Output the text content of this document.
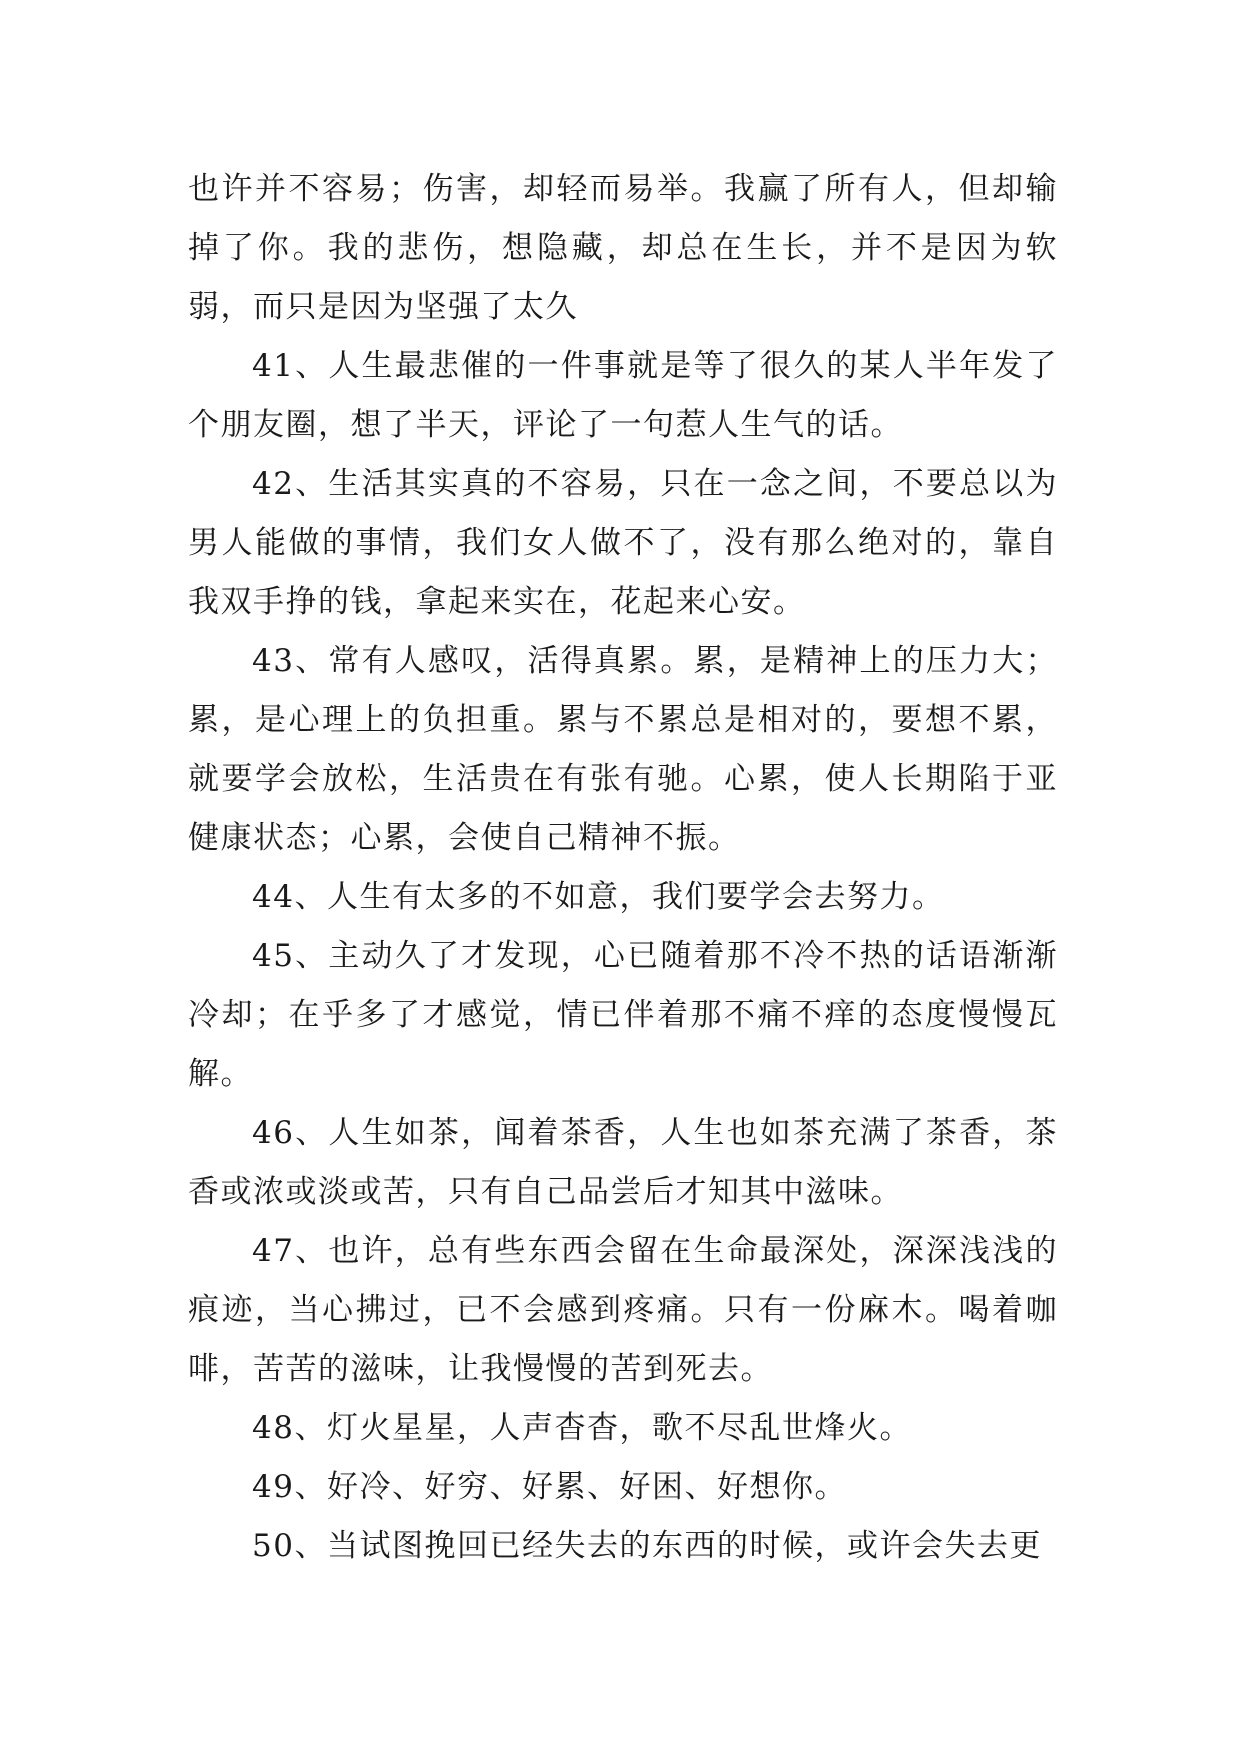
也许并不容易；伤害，却轻而易举。我赢了所有人，但却输掉了你。我的悲伤，想隐藏，却总在生长，并不是因为软弱，而只是因为坚强了太久

41、人生最悲催的一件事就是等了很久的某人半年发了个朋友圈，想了半天，评论了一句惹人生气的话。

42、生活其实真的不容易，只在一念之间，不要总以为男人能做的事情，我们女人做不了，没有那么绝对的，靠自我双手挣的钱，拿起来实在，花起来心安。

43、常有人感叹，活得真累。累，是精神上的压力大；累，是心理上的负担重。累与不累总是相对的，要想不累，就要学会放松，生活贵在有张有驰。心累，使人长期陷于亚健康状态；心累，会使自己精神不振。

44、人生有太多的不如意，我们要学会去努力。

45、主动久了才发现，心已随着那不冷不热的话语渐渐冷却；在乎多了才感觉，情已伴着那不痛不痒的态度慢慢瓦解。

46、人生如茶，闻着茶香，人生也如茶充满了茶香，茶香或浓或淡或苦，只有自己品尝后才知其中滋味。

47、也许，总有些东西会留在生命最深处，深深浅浅的痕迹，当心拂过，已不会感到疼痛。只有一份麻木。喝着咖啡，苦苦的滋味，让我慢慢的苦到死去。

48、灯火星星，人声杳杳，歌不尽乱世烽火。

49、好冷、好穷、好累、好困、好想你。

50、当试图挽回已经失去的东西的时候，或许会失去更
